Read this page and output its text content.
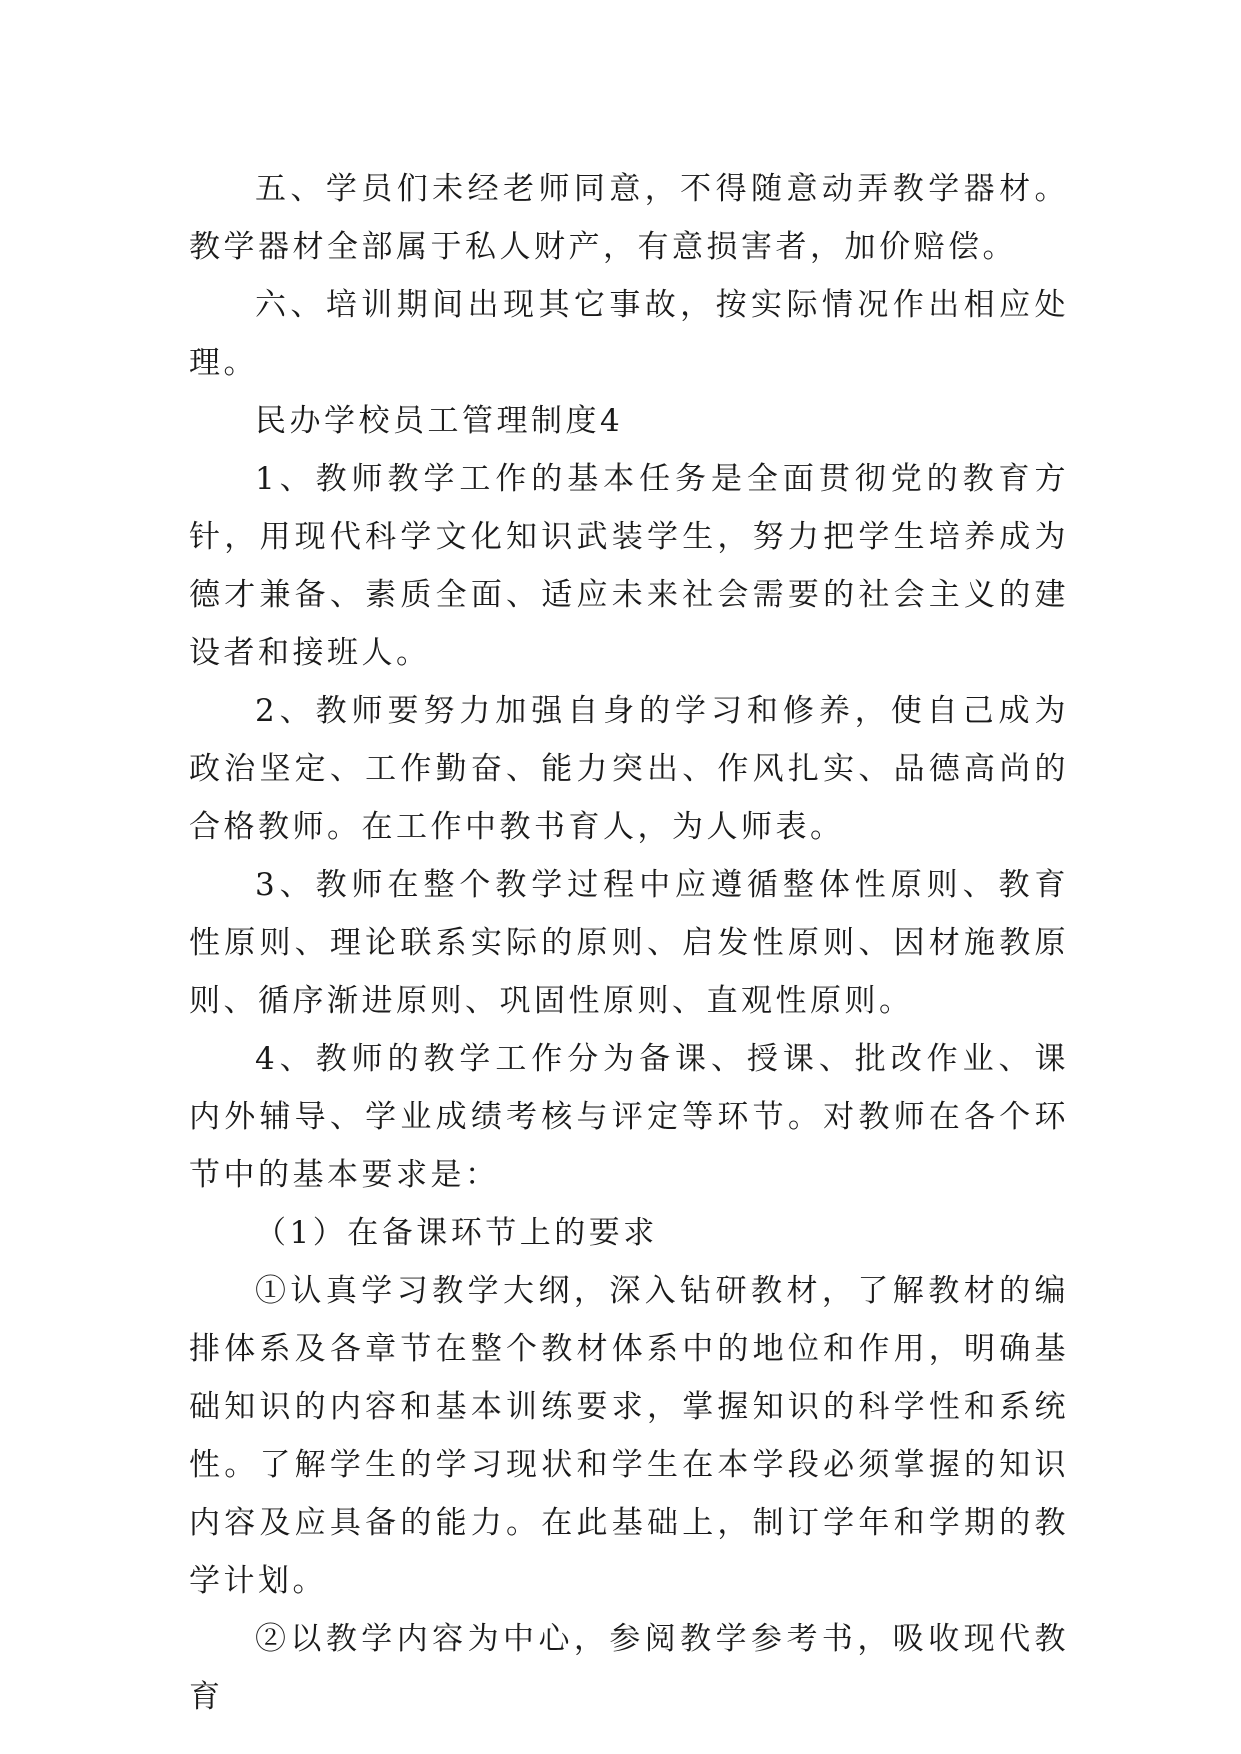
五、学员们未经老师同意，不得随意动弄教学器材。教学器材全部属于私人财产，有意损害者，加价赔偿。

六、培训期间出现其它事故，按实际情况作出相应处理。

民办学校员工管理制度4

1、教师教学工作的基本任务是全面贯彻党的教育方针，用现代科学文化知识武装学生，努力把学生培养成为德才兼备、素质全面、适应未来社会需要的社会主义的建设者和接班人。

2、教师要努力加强自身的学习和修养，使自己成为政治坚定、工作勤奋、能力突出、作风扎实、品德高尚的合格教师。在工作中教书育人，为人师表。

3、教师在整个教学过程中应遵循整体性原则、教育性原则、理论联系实际的原则、启发性原则、因材施教原则、循序渐进原则、巩固性原则、直观性原则。

4、教师的教学工作分为备课、授课、批改作业、课内外辅导、学业成绩考核与评定等环节。对教师在各个环节中的基本要求是：

（1）在备课环节上的要求

①认真学习教学大纲，深入钻研教材，了解教材的编排体系及各章节在整个教材体系中的地位和作用，明确基础知识的内容和基本训练要求，掌握知识的科学性和系统性。了解学生的学习现状和学生在本学段必须掌握的知识内容及应具备的能力。在此基础上，制订学年和学期的教学计划。

②以教学内容为中心，参阅教学参考书，吸收现代教育
